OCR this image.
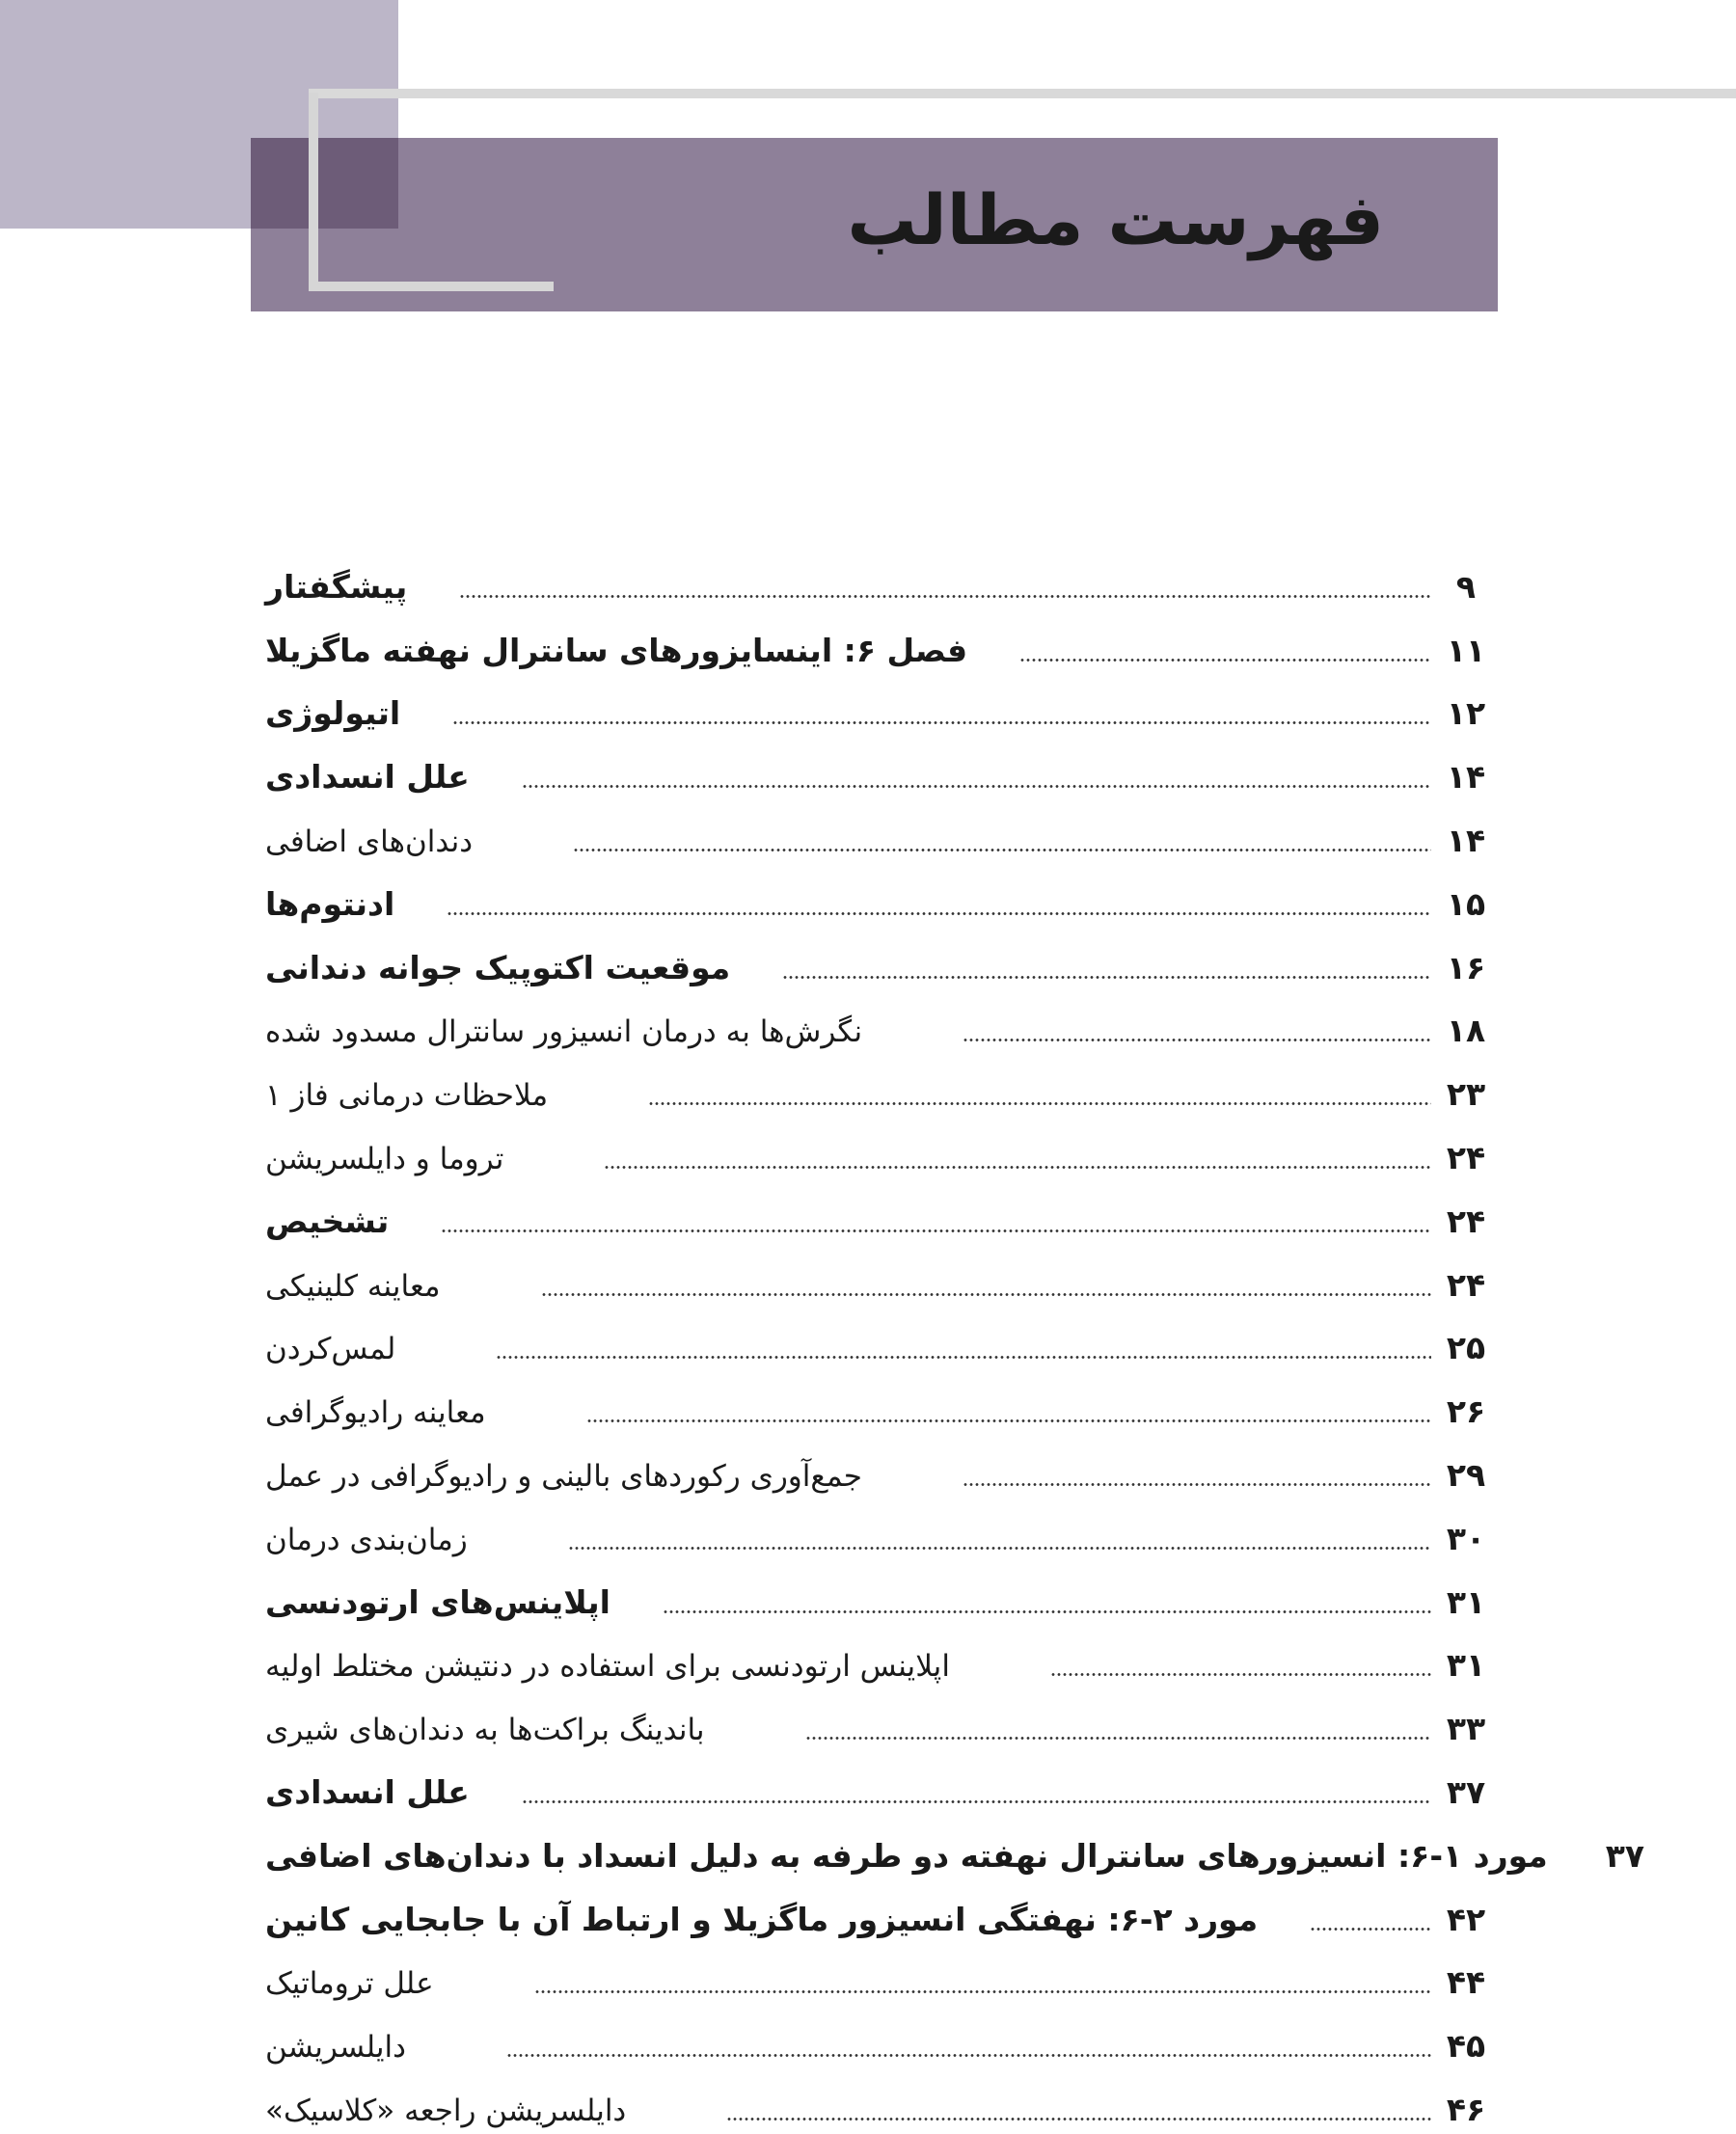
فهرست مطالب
پیشگفتار	۹
فصل ۶: اینسایزورهای سانترال نهفته ماگزیلا	۱۱
اتیولوژی	۱۲
علل انسدادی	۱۴
دندان‌های اضافی	۱۴
ادنتوم‌ها	۱۵
موقعیت اکتوپیک جوانه دندانی	۱۶
نگرش‌ها به درمان انسیزور سانترال مسدود شده	۱۸
ملاحظات درمانی فاز ۱	۲۳
تروما و دایلسریشن	۲۴
تشخیص	۲۴
معاینه کلینیکی	۲۴
لمس‌کردن	۲۵
معاینه رادیوگرافی	۲۶
جمع‌آوری رکوردهای بالینی و رادیوگرافی در عمل	۲۹
زمان‌بندی درمان	۳۰
اپلاینس‌های ارتودنسی	۳۱
اپلاینس ارتودنسی برای استفاده در دنتیشن مختلط اولیه	۳۱
باندینگ براکت‌ها به دندان‌های شیری	۳۳
علل انسدادی	۳۷
مورد ۱-۶: انسیزورهای سانترال نهفته دو طرفه به دلیل انسداد با دندان‌های اضافی ۳۷
مورد ۲-۶: نهفتگی انسیزور ماگزیلا و ارتباط آن با جابجایی کانین	۴۲
علل تروماتیک	۴۴
دایلسریشن	۴۵
دایلسریشن راجعه «کلاسیک»	۴۶
